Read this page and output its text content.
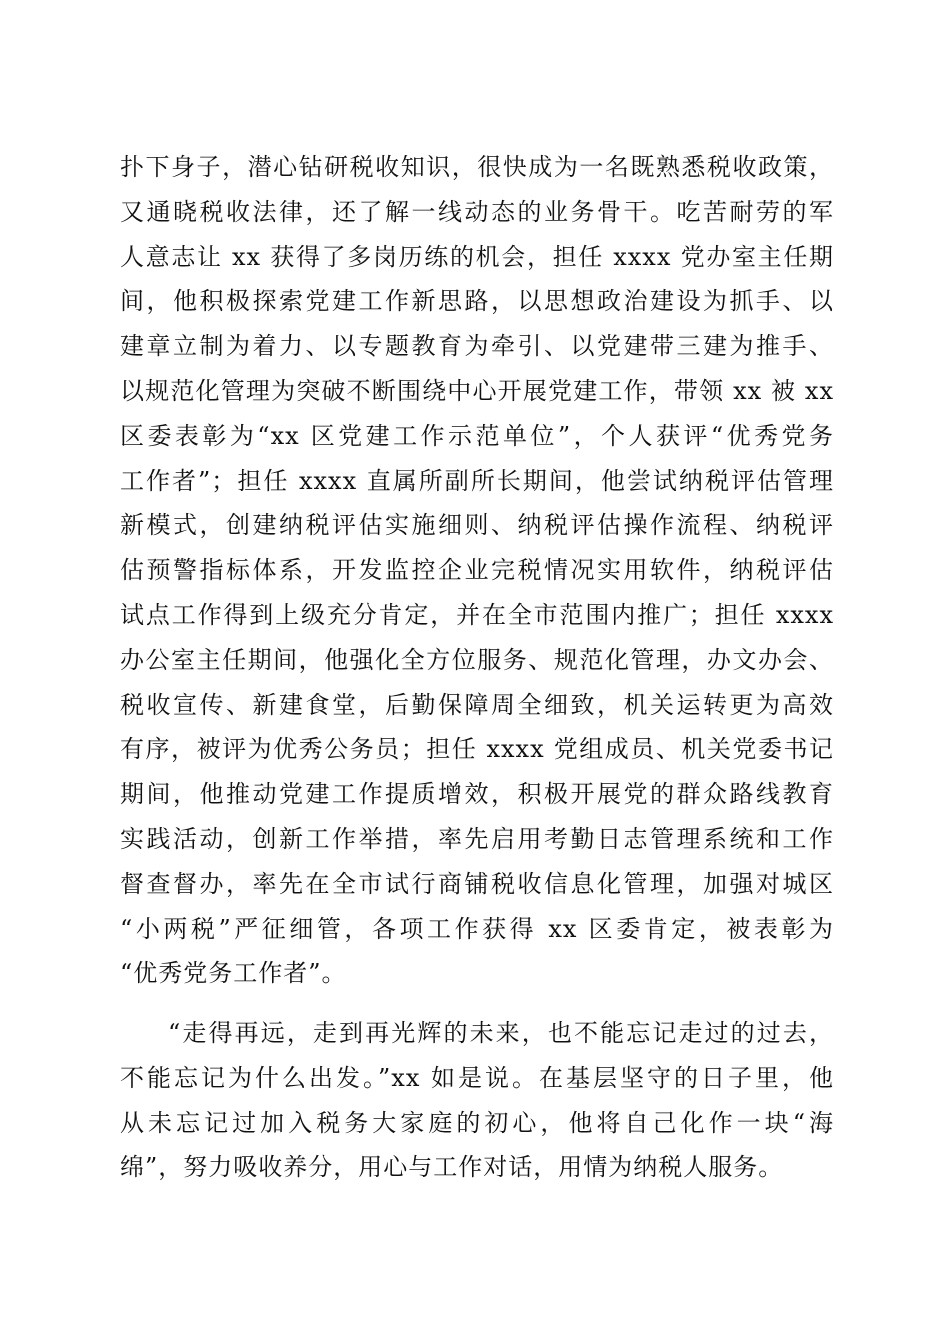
扑下身子，潜心钻研税收知识，很快成为一名既熟悉税收政策，
又通晓税收法律，还了解一线动态的业务骨干。吃苦耐劳的军
人意志让 xx 获得了多岗历练的机会，担任 xxxx 党办室主任期
间，他积极探索党建工作新思路，以思想政治建设为抓手、以
建章立制为着力、以专题教育为牵引、以党建带三建为推手、
以规范化管理为突破不断围绕中心开展党建工作，带领 xx 被 xx
区委表彰为“xx 区党建工作示范单位”，个人获评“优秀党务
工作者”；担任 xxxx 直属所副所长期间，他尝试纳税评估管理
新模式，创建纳税评估实施细则、纳税评估操作流程、纳税评
估预警指标体系，开发监控企业完税情况实用软件，纳税评估
试点工作得到上级充分肯定，并在全市范围内推广；担任 xxxx
办公室主任期间，他强化全方位服务、规范化管理，办文办会、
税收宣传、新建食堂，后勤保障周全细致，机关运转更为高效
有序，被评为优秀公务员；担任 xxxx 党组成员、机关党委书记
期间，他推动党建工作提质增效，积极开展党的群众路线教育
实践活动，创新工作举措，率先启用考勤日志管理系统和工作
督查督办，率先在全市试行商铺税收信息化管理，加强对城区
“小两税”严征细管，各项工作获得 xx 区委肯定，被表彰为
“优秀党务工作者”。
“走得再远，走到再光辉的未来，也不能忘记走过的过去，
不能忘记为什么出发。”xx 如是说。在基层坚守的日子里，他
从未忘记过加入税务大家庭的初心，他将自己化作一块“海
绵”，努力吸收养分，用心与工作对话，用情为纳税人服务。
